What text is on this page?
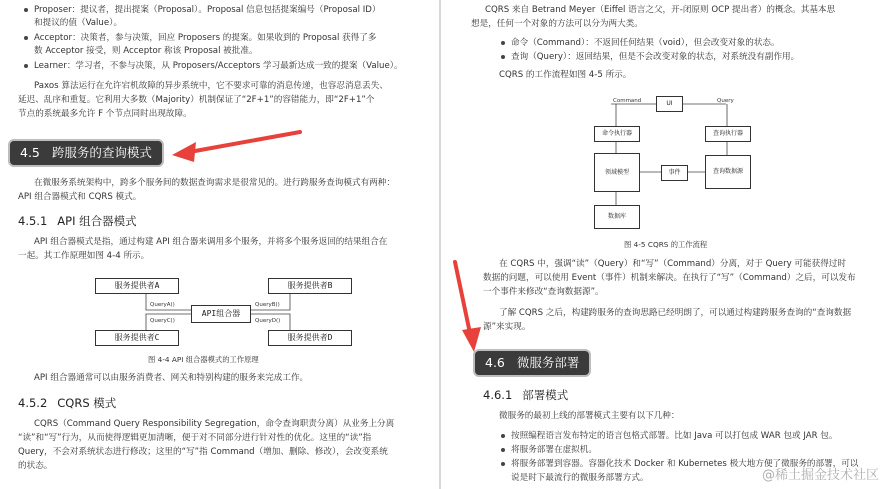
Proposer：提议者，提出提案（Proposal）。Proposal 信息包括提案编号（Proposal ID）

和提议的值（Value）。

Acceptor：决策者，参与决策，回应 Proposers 的提案。如果收到的 Proposal 获得了多

数 Acceptor 接受，则 Acceptor 称该 Proposal 被批准。

Learner：学习者，不参与决策，从 Proposers/Acceptors 学习最新达成一致的提案（Value）。

Paxos 算法运行在允许宕机故障的异步系统中，它不要求可靠的消息传递，也容忍消息丢失、

延迟、乱序和重复。它利用大多数（Majority）机制保证了“2F+1”的容错能力，即“2F+1”个

节点的系统最多允许 F 个节点同时出现故障。

4.5 跨服务的查询模式

在微服务系统架构中，跨多个服务间的数据查询需求是很常见的。进行跨服务查询模式有两种：

API 组合器模式和 CQRS 模式。

4.5.1 API 组合器模式

API 组合器模式是指，通过构建 API 组合器来调用多个服务，并将多个服务返回的结果组合在

一起。其工作原理如图 4-4 所示。

服务提供者A	服务提供者B
API组合器
服务提供者C	服务提供者D
QueryA()
QueryC()
QueryB()
QueryD()
图 4-4 API 组合器模式的工作原理

API 组合器通常可以由服务消费者、网关和特别构建的服务来完成工作。

4.5.2 CQRS 模式

CQRS（Command Query Responsibility Segregation，命令查询职责分离）从业务上分离

“读”和“写”行为，从而使得逻辑更加清晰，便于对不同部分进行针对性的优化。这里的“读”指

Query，不会对系统状态进行修改；这里的“写”指 Command（增加、删除、修改），会改变系统

的状态。

CQRS 来自 Betrand Meyer（Eiffel 语言之父，开-闭原则 OCP 提出者）的概念。其基本思

想是，任何一个对象的方法可以分为两大类。

命令（Command）：不返回任何结果（void），但会改变对象的状态。

查询（Query）：返回结果，但是不会改变对象的状态，对系统没有副作用。

CQRS 的工作流程如图 4-5 所示。

Command	UI	Query
命令执行器	查询执行器
领域模型	事件	查询数据源
数据库
图 4-5 CQRS 的工作流程

在 CQRS 中，强调“读”（Query）和“写”（Command）分离，对于 Query 可能获得过时

数据的问题，可以使用 Event（事件）机制来解决。在执行了“写”（Command）之后，可以发布

一个事件来修改“查询数据源”。

了解 CQRS 之后，构建跨服务的查询思路已经明朗了，可以通过构建跨服务查询的“查询数据

源”来实现。

4.6 微服务部署
4.6.1 部署模式

微服务的最初上线的部署模式主要有以下几种：

按照编程语言发布特定的语言包格式部署。比如 Java 可以打包成 WAR 包或 JAR 包。

将服务部署在虚拟机。

将服务部署到容器。容器化技术 Docker 和 Kubernetes 极大地方便了微服务的部署，可以

说是时下最流行的微服务部署方式。	@稀土掘金技术社区
